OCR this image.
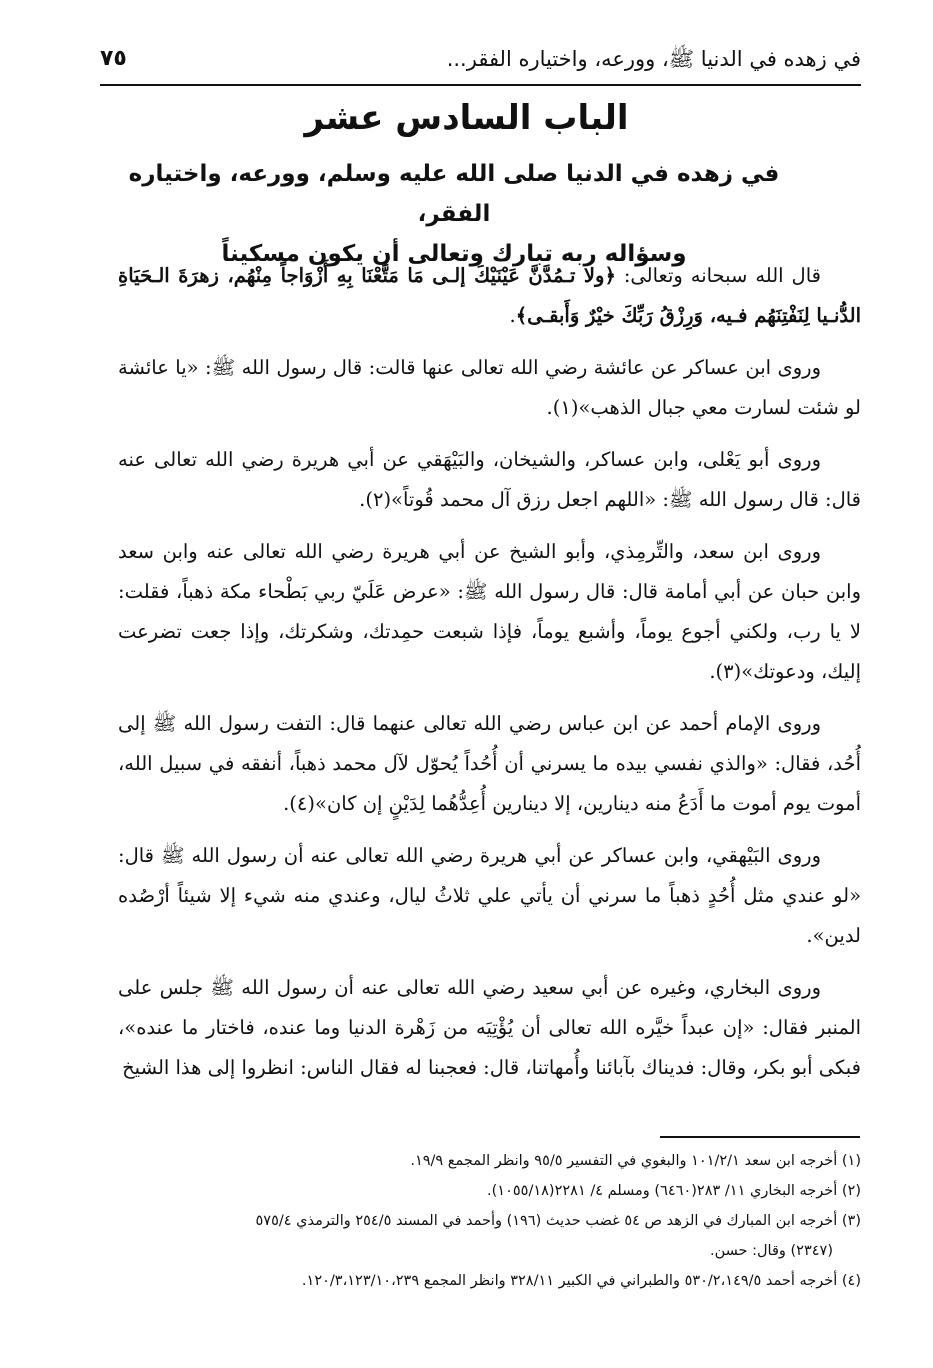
في زهده في الدنيا ﷺ، وورعه، واختياره الفقر...
٧٥
الباب السادس عشر
في زهده في الدنيا صلى الله عليه وسلم، وورعه، واختياره الفقر،
وسؤاله ربه تبارك وتعالى أن يكون مسكيناً

قال الله سبحانه وتعالى: ﴿ولا تـمُدَّنَّ عَيْنَيْكَ إلـى مَا مَتَّعْنَا بِهِ أَزْوَاجاً مِنْهُم، زهرَةَ الـحَيَاةِ الدُّنـيا لِنَفْتِنَهُم فـيه، وَرِزْقُ رَبِّكَ خيْرٌ وَأَبقـى﴾.

وروى ابن عساكر عن عائشة رضي الله تعالى عنها قالت: قال رسول الله ﷺ: «يا عائشة لو شئت لسارت معي جبال الذهب»(١).

وروى أبو يَعْلى، وابن عساكر، والشيخان، والبَيْهَقي عن أبي هريرة رضي الله تعالى عنه قال: قال رسول الله ﷺ: «اللهم اجعل رزق آل محمد قُوتاً»(٢).

وروى ابن سعد، والتِّرمِذي، وأبو الشيخ عن أبي هريرة رضي الله تعالى عنه وابن سعد وابن حبان عن أبي أمامة قال: قال رسول الله ﷺ: «عرض عَلَيّ ربي بَطْحاء مكة ذهباً، فقلت: لا يا رب، ولكني أجوع يوماً، وأشبع يوماً، فإذا شبعت حمِدتك، وشكرتك، وإذا جعت تضرعت إليك، ودعوتك»(٣).

وروى الإمام أحمد عن ابن عباس رضي الله تعالى عنهما قال: التفت رسول الله ﷺ إلى أُحُد، فقال: «والذي نفسي بيده ما يسرني أن أُحُداً يُحوّل لآل محمد ذهباً، أنفقه في سبيل الله، أموت يوم أموت ما أَدَعُ منه دينارين، إلا دينارين أُعِدُّهُما لِدَيْنٍ إن كان»(٤).

وروى البَيْهقي، وابن عساكر عن أبي هريرة رضي الله تعالى عنه أن رسول الله ﷺ قال: «لو عندي مثل أُحُدٍ ذهباً ما سرني أن يأتي علي ثلاثُ ليال، وعندي منه شيء إلا شيئاً أرْصُده لدين».

وروى البخاري، وغيره عن أبي سعيد رضي الله تعالى عنه أن رسول الله ﷺ جلس على المنبر فقال: «إن عبداً خيَّره الله تعالى أن يُؤْتِيَه من زَهْرة الدنيا وما عنده، فاختار ما عنده»، فبكى أبو بكر، وقال: فديناك بآبائنا وأُمهاتنا، قال: فعجبنا له فقال الناس: انظروا إلى هذا الشيخ

(١) أخرجه ابن سعد ١٠١/٢/١ والبغوي في التفسير ٩٥/٥ وانظر المجمع ١٩/٩.

(٢) أخرجه البخاري ١١/ ٢٨٣(٦٤٦٠) ومسلم ٤/ ٢٢٨١(١٠٥٥/١٨).

(٣) أخرجه ابن المبارك في الزهد ص ٥٤ غضب حديث (١٩٦) وأحمد في المسند ٢٥٤/٥ والترمذي ٥٧٥/٤

(٢٣٤٧) وقال: حسن.

(٤) أخرجه أحمد ٥٣٠/٢،١٤٩/٥ والطبراني في الكبير ٣٢٨/١١ وانظر المجمع ١٢٠/٣،١٢٣/١٠،٢٣٩.
